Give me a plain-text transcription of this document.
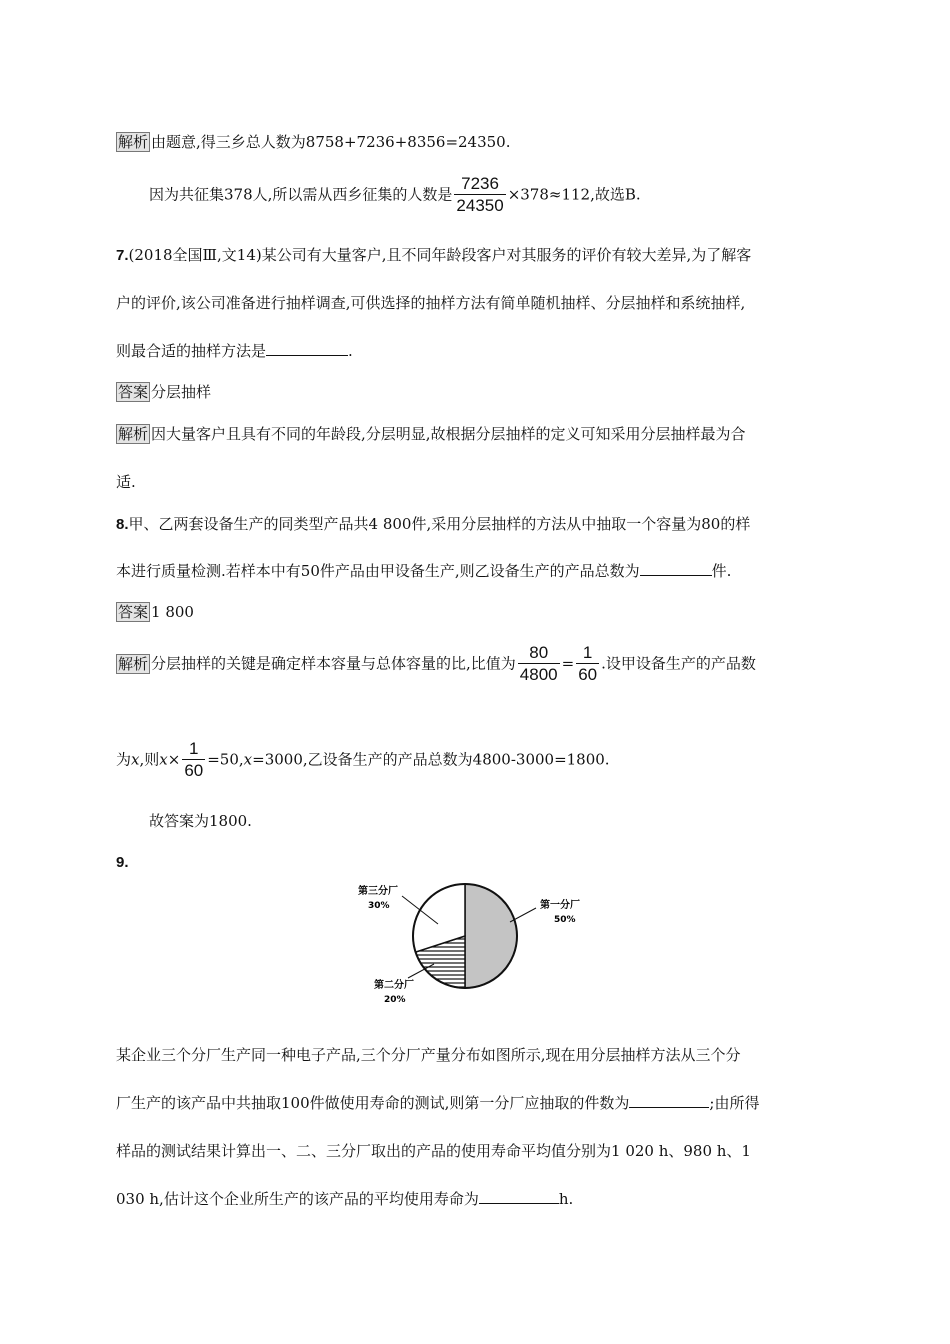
解析 由题意,得三乡总人数为8758+7236+8356=24350.
因为共征集378人,所以需从西乡征集的人数是 $\frac{7236}{24350} \times 378\approx 112$,故选B.
7.(2018全国Ⅲ,文14)某公司有大量客户,且不同年龄段客户对其服务的评价有较大差异,为了解客
户的评价,该公司准备进行抽样调查,可供选择的抽样方法有简单随机抽样、分层抽样和系统抽样,
则最合适的抽样方法是	.
答案 分层抽样
解析 因大量客户且具有不同的年龄段,分层明显,故根据分层抽样的定义可知采用分层抽样最为合
适.
8.甲、乙两套设备生产的同类型产品共4 800件,采用分层抽样的方法从中抽取一个容量为80的样
本进行质量检测.若样本中有50件产品由甲设备生产,则乙设备生产的产品总数为	件.
答案 1 800
解析 分层抽样的关键是确定样本容量与总体容量的比,比值为 $\frac{80}{4800} = \frac{1}{60}$ .设甲设备生产的产品数
为x,则$x\times \frac{1}{60} =50,x=3000$,乙设备生产的产品总数为4800-3000=1800.
故答案为1800.
9.
第一分厂
50%
第三分厂
30%
第二分厂
20%
某企业三个分厂生产同一种电子产品,三个分厂产量分布如图所示,现在用分层抽样方法从三个分
厂生产的该产品中共抽取100件做使用寿命的测试,则第一分厂应抽取的件数为	;由所得
样品的测试结果计算出一、二、三分厂取出的产品的使用寿命平均值分别为1 020 h、980 h、1
030 h,估计这个企业所生产的该产品的平均使用寿命为	h.
